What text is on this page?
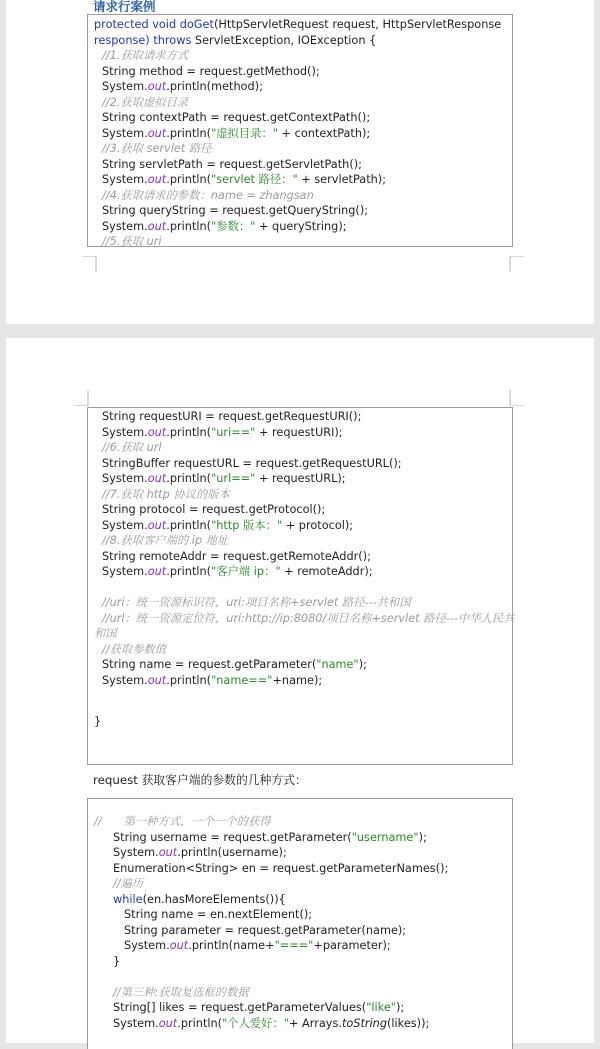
请求行案例
protected void doGet(HttpServletRequest request, HttpServletResponse
response) throws ServletException, IOException {
//1.获取请求方式
String method = request.getMethod();
System.out.println(method);
//2.获取虚拟目录
String contextPath = request.getContextPath();
System.out.println("虚拟目录：" + contextPath);
//3.获取 servlet 路径
String servletPath = request.getServletPath();
System.out.println("servlet 路径：" + servletPath);
//4.获取请求的参数：name = zhangsan
String queryString = request.getQueryString();
System.out.println("参数：" + queryString);
//5.获取 uri
String requestURI = request.getRequestURI();
System.out.println("uri==" + requestURI);
//6.获取 url
StringBuffer requestURL = request.getRequestURL();
System.out.println("url==" + requestURL);
//7.获取 http 协议的版本
String protocol = request.getProtocol();
System.out.println("http 版本：" + protocol);
//8.获取客户端的 ip 地址
String remoteAddr = request.getRemoteAddr();
System.out.println("客户端 ip：" + remoteAddr);
//uri：统一资源标识符，uri:项目名称+servlet 路径---共和国
//url：统一资源定位符，uri:http://ip:8080/项目名称+servlet 路径---中华人民共
和国
//获取参数值
String name = request.getParameter("name");
System.out.println("name=="+name);
}
request 获取客户端的参数的几种方式：
// 第一种方式，一个一个的获得
String username = request.getParameter("username");
System.out.println(username);
Enumeration<String> en = request.getParameterNames();
//遍历
while(en.hasMoreElements()){
String name = en.nextElement();
String parameter = request.getParameter(name);
System.out.println(name+"==="+parameter);
}
//第三种:获取复选框的数据
String[] likes = request.getParameterValues("like");
System.out.println("个人爱好："+ Arrays.toString(likes));
